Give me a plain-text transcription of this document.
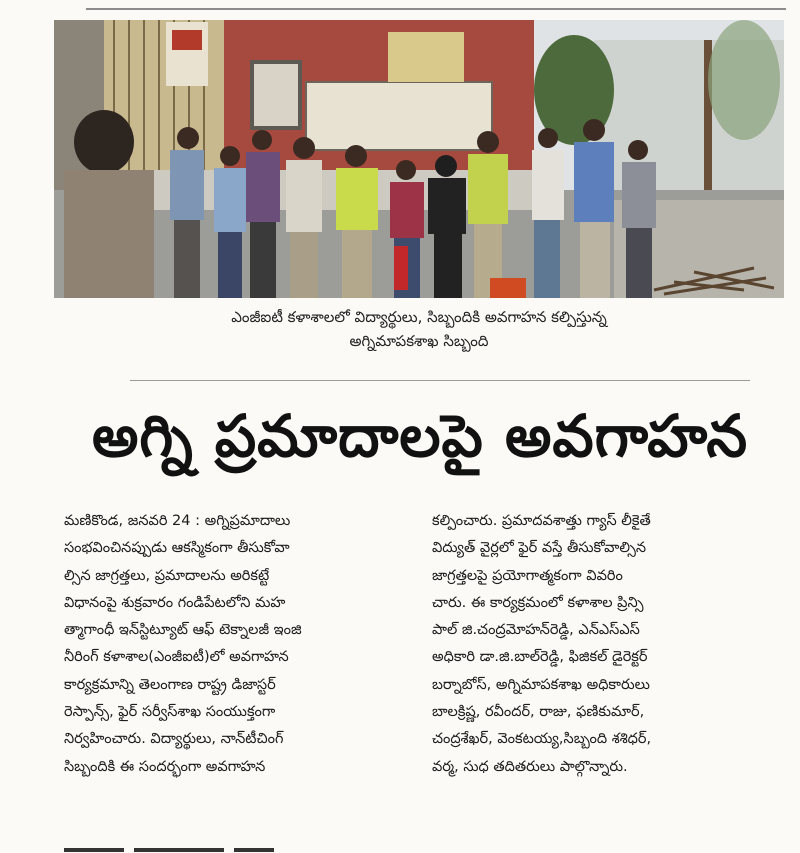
ఎంజీఐటీ కళాశాలలో విద్యార్థులు, సిబ్బందికి అవగాహన కల్పిస్తున్న
అగ్నిమాపకశాఖ సిబ్బంది
అగ్ని ప్రమాదాలపై అవగాహన
మణికొండ, జనవరి 24 : అగ్నిప్రమాదాలు
సంభవించినప్పుడు ఆకస్మికంగా తీసుకోవా
ల్సిన జాగ్రత్తలు, ప్రమాదాలను అరికట్టే
విధానంపై శుక్రవారం గండిపేటలోని మహ
త్మాగాంధీ ఇన్‌స్టిట్యూట్ ఆఫ్ టెక్నాలజీ ఇంజి
నీరింగ్ కళాశాల(ఎంజీఐటీ)లో అవగాహన
కార్యక్రమాన్ని తెలంగాణ రాష్ట్ర డిజాస్టర్
రెస్పాన్స్, ఫైర్ సర్వీస్‌శాఖ సంయుక్తంగా
నిర్వహించారు. విద్యార్థులు, నాన్‌టీచింగ్
సిబ్బందికి ఈ సందర్భంగా అవగాహన
కల్పించారు. ప్రమాదవశాత్తు గ్యాస్ లీకైతే
విద్యుత్ వైర్లలో ఫైర్ వస్తే తీసుకోవాల్సిన
జాగ్రత్తలపై ప్రయోగాత్మకంగా వివరిం
చారు. ఈ కార్యక్రమంలో కళాశాల ప్రిన్సి
పాల్ జి.చంద్రమోహన్‌రెడ్డి, ఎన్‌ఎస్‌ఎస్
అధికారి డా.జి.బాల్‌రెడ్డి, ఫిజికల్ డైరెక్టర్
బర్నాబోస్, అగ్నిమాపకశాఖ అధికారులు
బాలక్రిష్ణ, రవీందర్, రాజు, ఫణికుమార్,
చంద్రశేఖర్, వెంకటయ్య,సిబ్బంది శశిధర్,
వర్మ, సుధ తదితరులు పాల్గొన్నారు.
